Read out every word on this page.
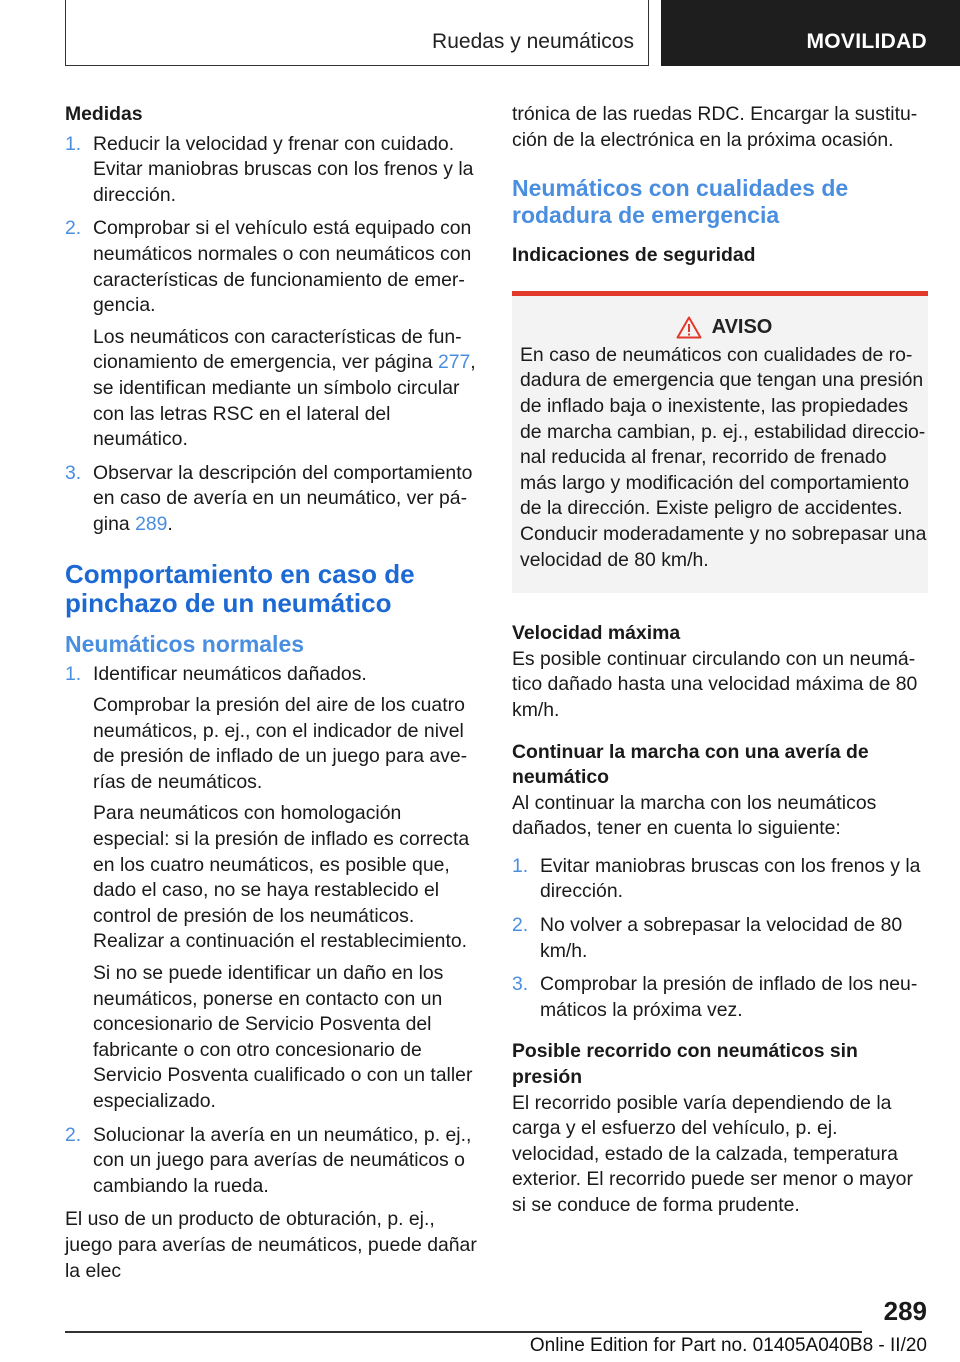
Ruedas y neumáticos	MOVILIDAD
Medidas
1. Reducir la velocidad y frenar con cuidado. Evitar maniobras bruscas con los frenos y la dirección.
2. Comprobar si el vehículo está equipado con neumáticos normales o con neumáticos con características de funcionamiento de emergencia.
Los neumáticos con características de funcionamiento de emergencia, ver página 277, se identifican mediante un símbolo circular con las letras RSC en el lateral del neumático.
3. Observar la descripción del comportamiento en caso de avería en un neumático, ver página 289.
Comportamiento en caso de pinchazo de un neumático
Neumáticos normales
1. Identificar neumáticos dañados.
Comprobar la presión del aire de los cuatro neumáticos, p. ej., con el indicador de nivel de presión de inflado de un juego para averías de neumáticos.
Para neumáticos con homologación especial: si la presión de inflado es correcta en los cuatro neumáticos, es posible que, dado el caso, no se haya restablecido el control de presión de los neumáticos. Realizar a continuación el restablecimiento.
Si no se puede identificar un daño en los neumáticos, ponerse en contacto con un concesionario de Servicio Posventa del fabricante o con otro concesionario de Servicio Posventa cualificado o con un taller especializado.
2. Solucionar la avería en un neumático, p. ej., con un juego para averías de neumáticos o cambiando la rueda.
El uso de un producto de obturación, p. ej., juego para averías de neumáticos, puede dañar la elec
trónica de las ruedas RDC. Encargar la sustitución de la electrónica en la próxima ocasión.
Neumáticos con cualidades de rodadura de emergencia
Indicaciones de seguridad
AVISO
En caso de neumáticos con cualidades de rodadura de emergencia que tengan una presión de inflado baja o inexistente, las propiedades de marcha cambian, p. ej., estabilidad direccional reducida al frenar, recorrido de frenado más largo y modificación del comportamiento de la dirección. Existe peligro de accidentes. Conducir moderadamente y no sobrepasar una velocidad de 80 km/h.
Velocidad máxima
Es posible continuar circulando con un neumático dañado hasta una velocidad máxima de 80 km/h.
Continuar la marcha con una avería de neumático
Al continuar la marcha con los neumáticos dañados, tener en cuenta lo siguiente:
1. Evitar maniobras bruscas con los frenos y la dirección.
2. No volver a sobrepasar la velocidad de 80 km/h.
3. Comprobar la presión de inflado de los neumáticos la próxima vez.
Posible recorrido con neumáticos sin presión
El recorrido posible varía dependiendo de la carga y el esfuerzo del vehículo, p. ej. velocidad, estado de la calzada, temperatura exterior. El recorrido puede ser menor o mayor si se conduce de forma prudente.
289
Online Edition for Part no. 01405A040B8 - II/20
